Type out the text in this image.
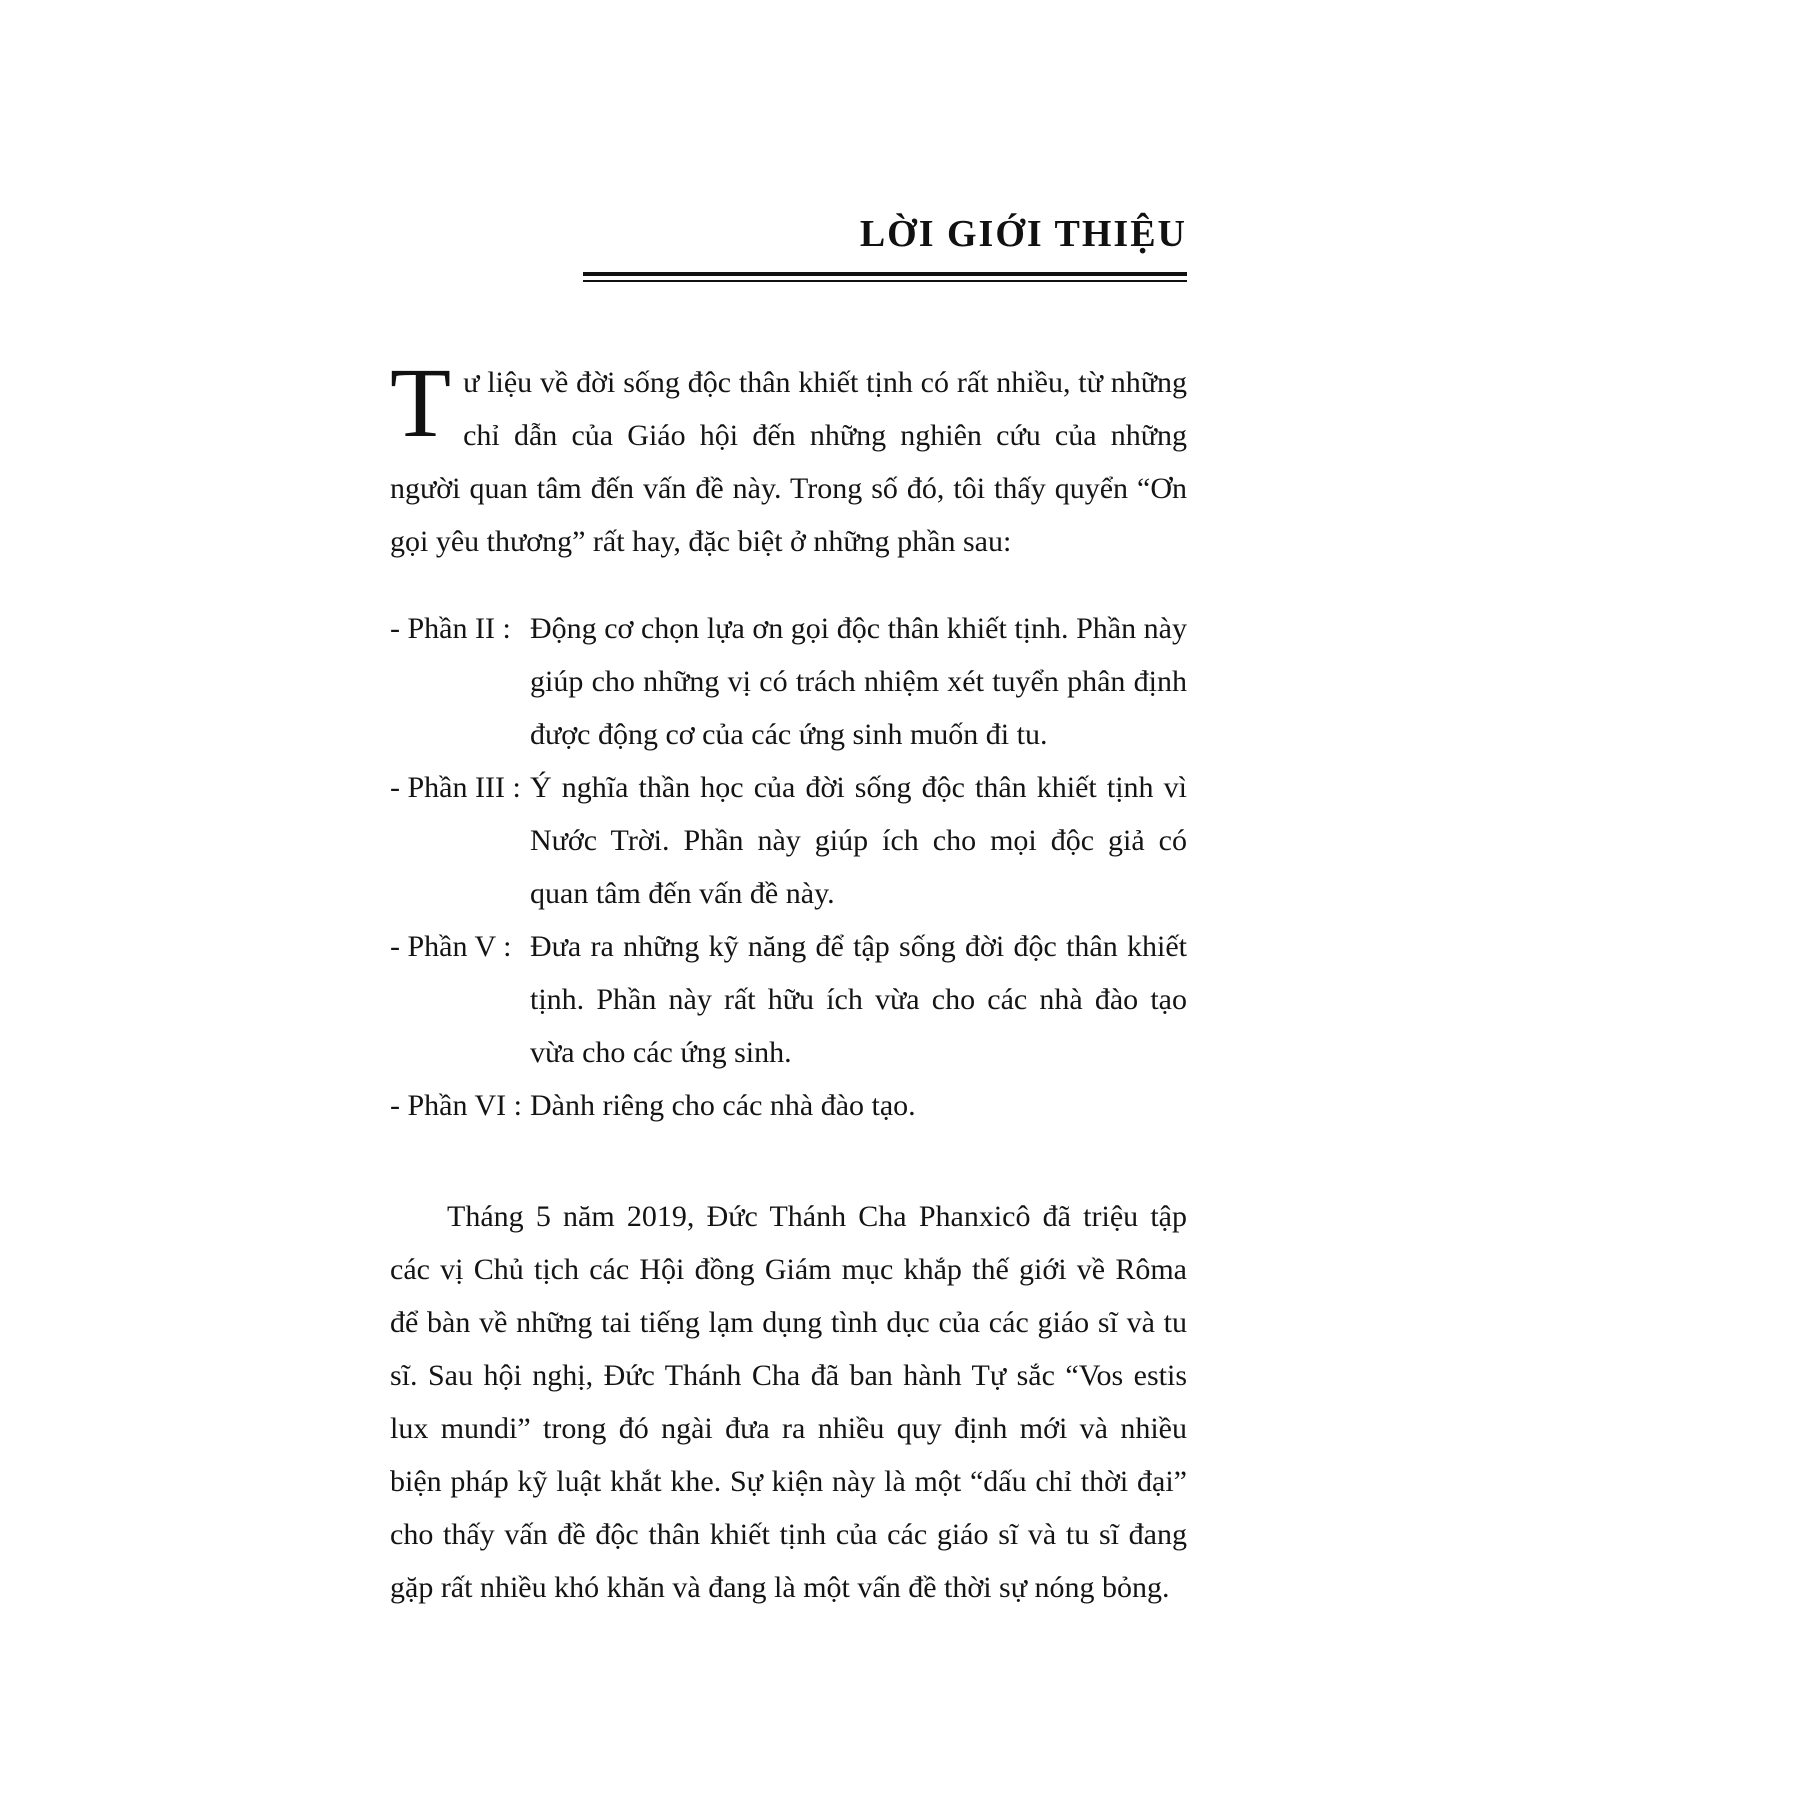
LỜI GIỚI THIỆU

Tư liệu về đời sống độc thân khiết tịnh có rất nhiều, từ những chỉ dẫn của Giáo hội đến những nghiên cứu của những người quan tâm đến vấn đề này. Trong số đó, tôi thấy quyển “Ơn gọi yêu thương” rất hay, đặc biệt ở những phần sau:

- Phần II : Động cơ chọn lựa ơn gọi độc thân khiết tịnh. Phần này giúp cho những vị có trách nhiệm xét tuyển phân định được động cơ của các ứng sinh muốn đi tu.
- Phần III : Ý nghĩa thần học của đời sống độc thân khiết tịnh vì Nước Trời. Phần này giúp ích cho mọi độc giả có quan tâm đến vấn đề này.
- Phần V : Đưa ra những kỹ năng để tập sống đời độc thân khiết tịnh. Phần này rất hữu ích vừa cho các nhà đào tạo vừa cho các ứng sinh.
- Phần VI : Dành riêng cho các nhà đào tạo.

Tháng 5 năm 2019, Đức Thánh Cha Phanxicô đã triệu tập các vị Chủ tịch các Hội đồng Giám mục khắp thế giới về Rôma để bàn về những tai tiếng lạm dụng tình dục của các giáo sĩ và tu sĩ. Sau hội nghị, Đức Thánh Cha đã ban hành Tự sắc “Vos estis lux mundi” trong đó ngài đưa ra nhiều quy định mới và nhiều biện pháp kỹ luật khắt khe. Sự kiện này là một “dấu chỉ thời đại” cho thấy vấn đề độc thân khiết tịnh của các giáo sĩ và tu sĩ đang gặp rất nhiều khó khăn và đang là một vấn đề thời sự nóng bỏng.
